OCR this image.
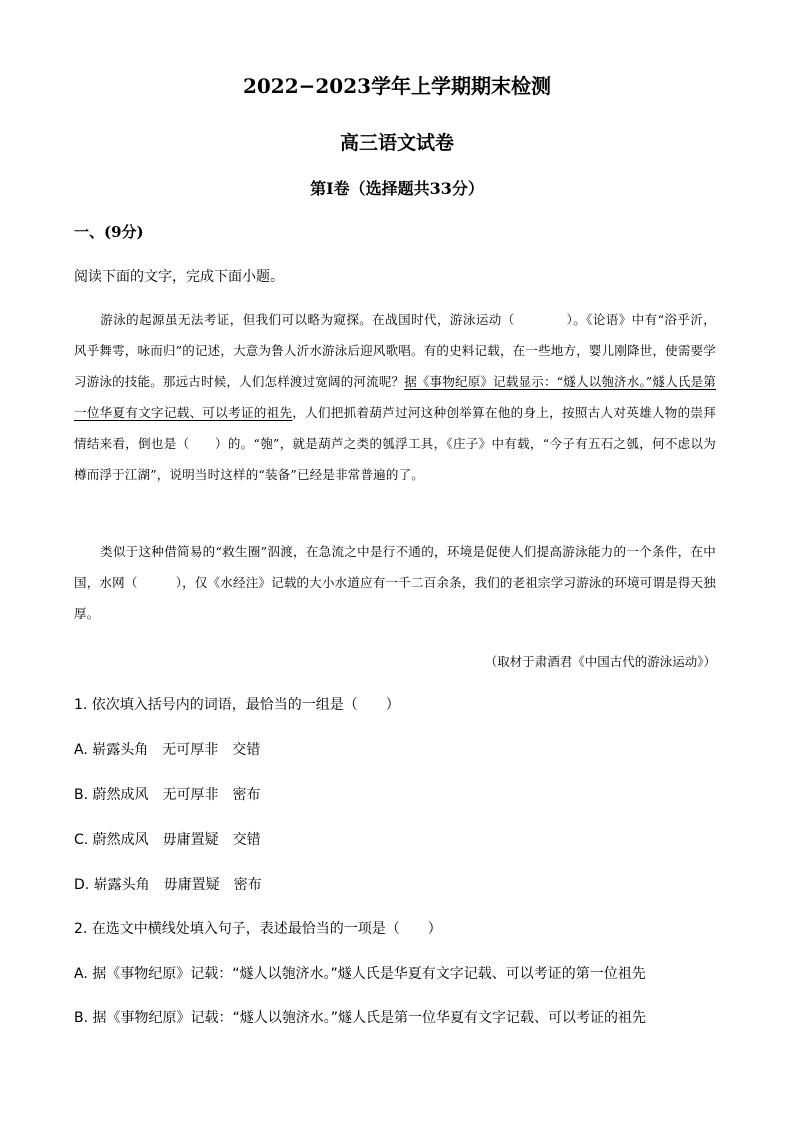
2022−2023学年上学期期末检测
高三语文试卷
第Ⅰ卷（选择题共33分）
一、(9分)
阅读下面的文字，完成下面小题。
游泳的起源虽无法考证，但我们可以略为窥探。在战国时代，游泳运动（　　　　）。《论语》中有“浴乎沂，风乎舞雩，咏而归”的记述，大意为鲁人沂水游泳后迎风歌唱。有的史料记载，在一些地方，婴儿刚降世，使需要学习游泳的技能。那远古时候，人们怎样渡过宽阔的河流呢？据《事物纪原》记载显示：“燧人以匏济水。”燧人氏是第一位华夏有文字记载、可以考证的祖先，人们把抓着葫芦过河这种创举算在他的身上，按照古人对英雄人物的崇拜情结来看，倒也是（　　）的。“匏”，就是葫芦之类的瓠浮工具，《庄子》中有载，“今子有五石之瓠，何不虑以为樽而浮于江湖”，说明当时这样的“装备”已经是非常普遍的了。
类似于这种借简易的“救生圈”泅渡，在急流之中是行不通的，环境是促使人们提高游泳能力的一个条件，在中国，水网（　　　），仅《水经注》记载的大小水道应有一千二百余条，我们的老祖宗学习游泳的环境可谓是得天独厚。
（取材于肃酒君《中国古代的游泳运动》）
1. 依次填入括号内的词语，最恰当的一组是（　　）
A. 崭露头角　无可厚非　交错
B. 蔚然成风　无可厚非　密布
C. 蔚然成风　毋庸置疑　交错
D. 崭露头角　毋庸置疑　密布
2. 在选文中横线处填入句子，表述最恰当的一项是（　　）
A. 据《事物纪原》记载：“燧人以匏济水。”燧人氏是华夏有文字记载、可以考证的第一位祖先
B. 据《事物纪原》记载：“燧人以匏济水。”燧人氏是第一位华夏有文字记载、可以考证的祖先
